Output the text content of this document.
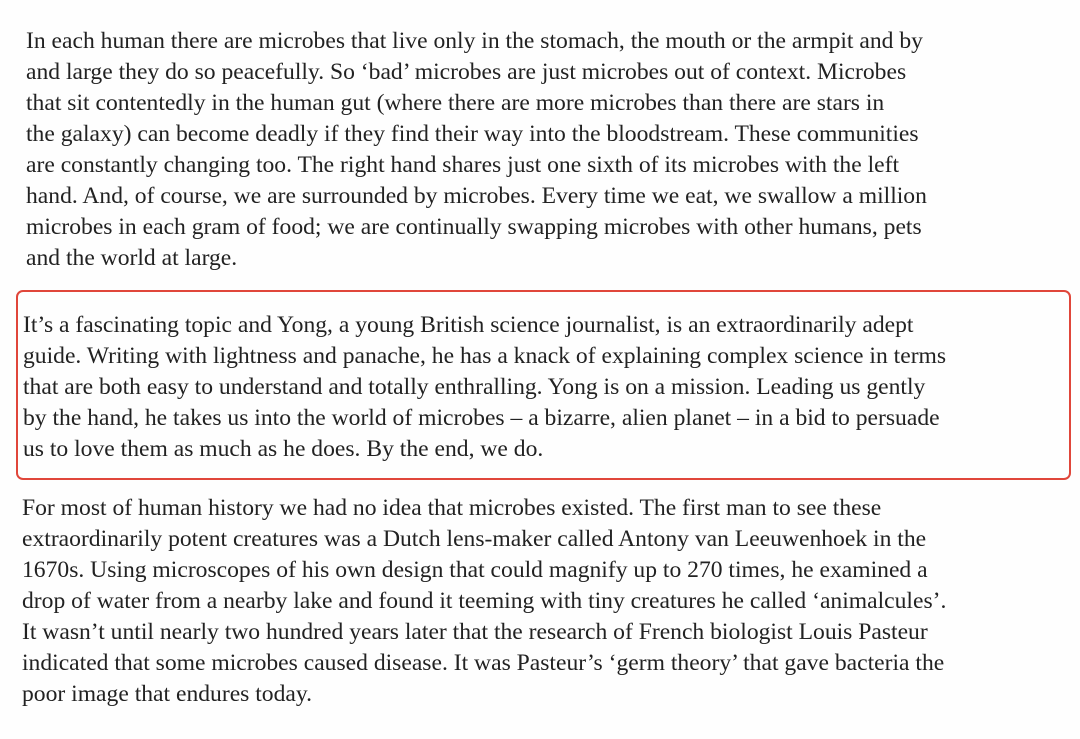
In each human there are microbes that live only in the stomach, the mouth or the armpit and by
and large they do so peacefully. So ‘bad’ microbes are just microbes out of context. Microbes
that sit contentedly in the human gut (where there are more microbes than there are stars in
the galaxy) can become deadly if they find their way into the bloodstream. These communities
are constantly changing too. The right hand shares just one sixth of its microbes with the left
hand. And, of course, we are surrounded by microbes. Every time we eat, we swallow a million
microbes in each gram of food; we are continually swapping microbes with other humans, pets
and the world at large.

It’s a fascinating topic and Yong, a young British science journalist, is an extraordinarily adept
guide. Writing with lightness and panache, he has a knack of explaining complex science in terms
that are both easy to understand and totally enthralling. Yong is on a mission. Leading us gently
by the hand, he takes us into the world of microbes – a bizarre, alien planet – in a bid to persuade
us to love them as much as he does. By the end, we do.

For most of human history we had no idea that microbes existed. The first man to see these
extraordinarily potent creatures was a Dutch lens-maker called Antony van Leeuwenhoek in the
1670s. Using microscopes of his own design that could magnify up to 270 times, he examined a
drop of water from a nearby lake and found it teeming with tiny creatures he called ‘animalcules’.
It wasn’t until nearly two hundred years later that the research of French biologist Louis Pasteur
indicated that some microbes caused disease. It was Pasteur’s ‘germ theory’ that gave bacteria the
poor image that endures today.
